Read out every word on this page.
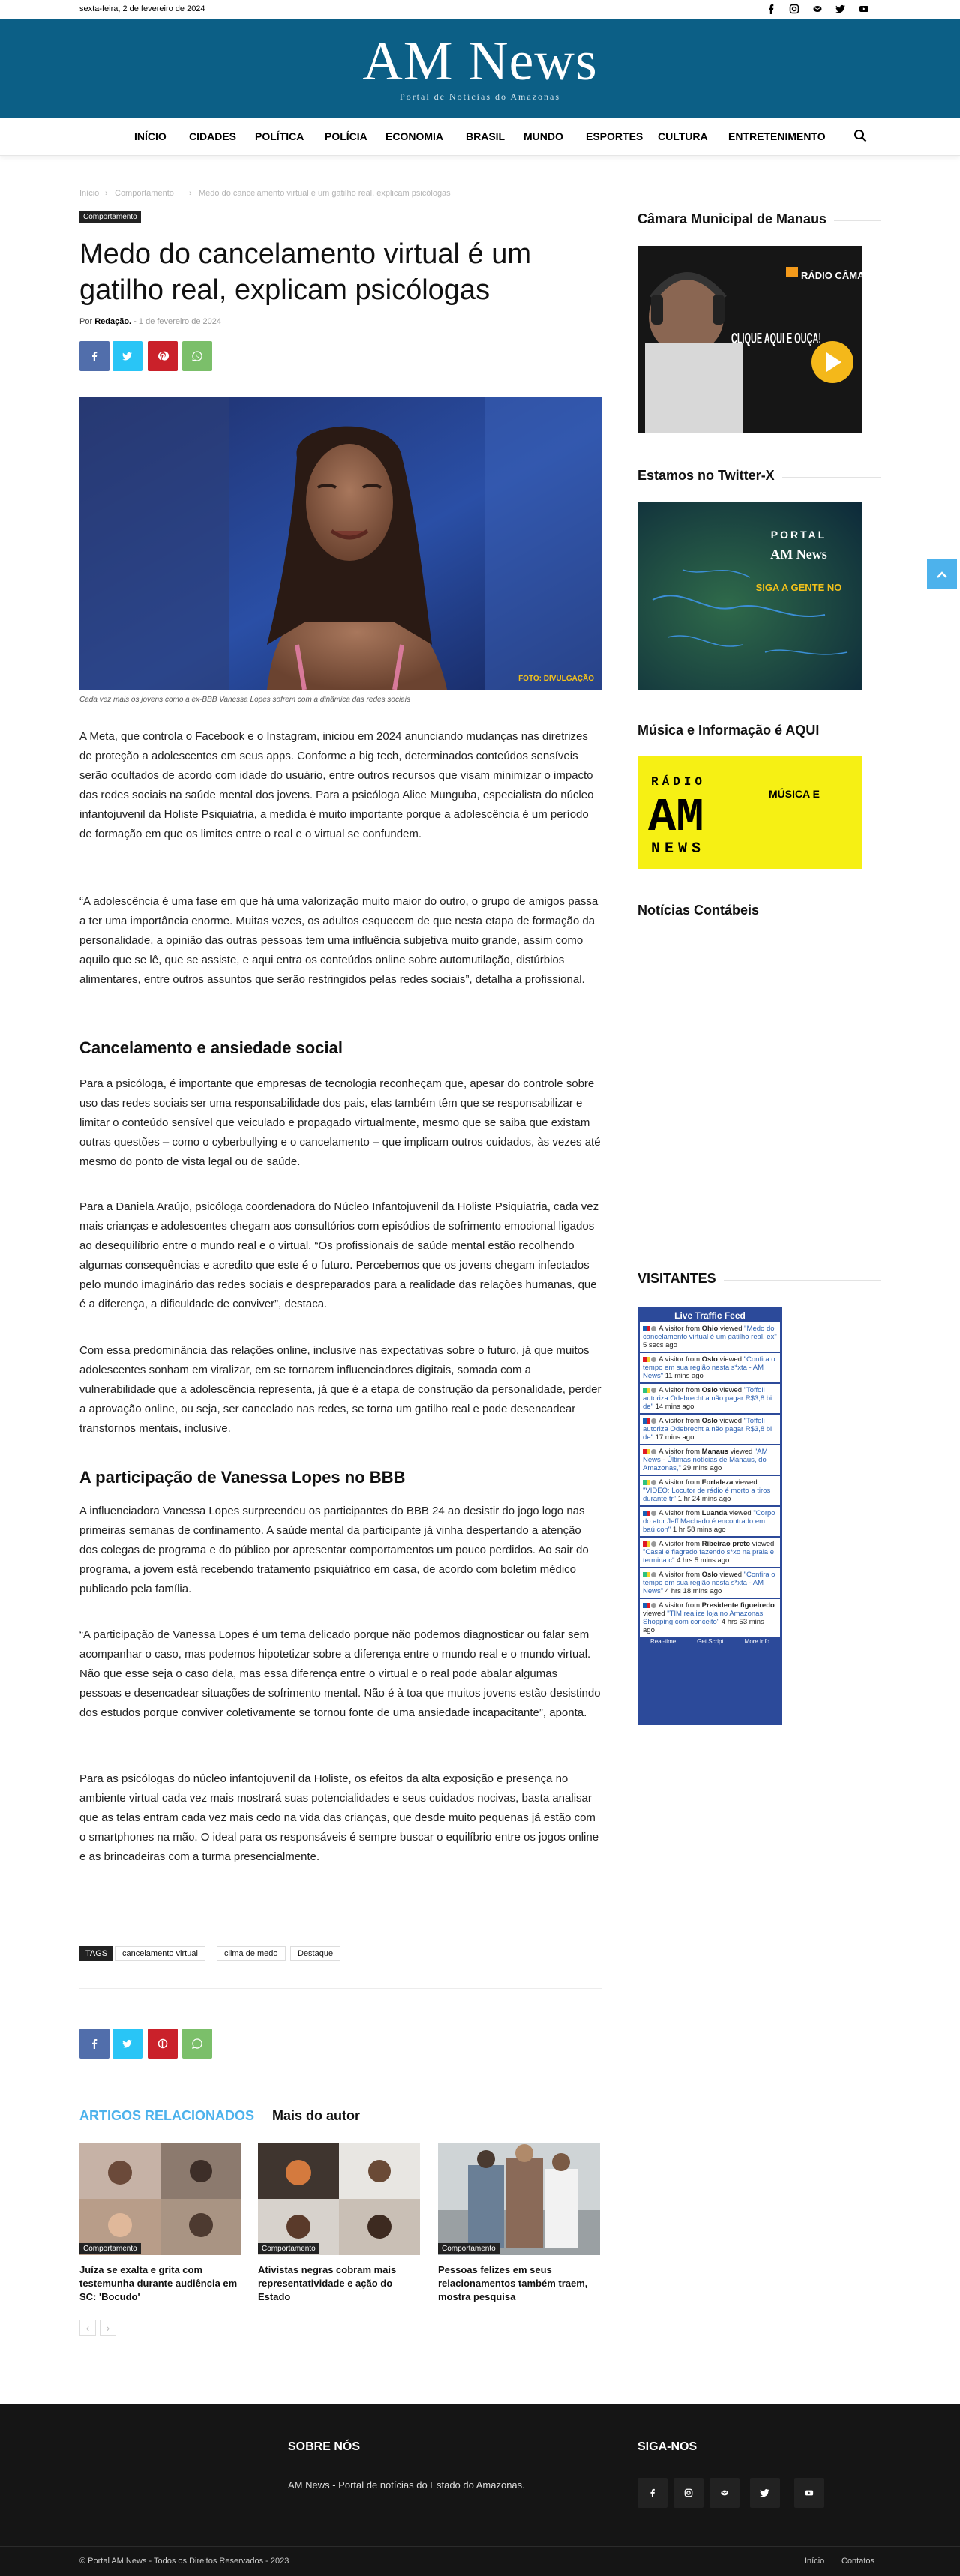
sexta-feira, 2 de fevereiro de 2024
AM News
Portal de Notícias do Amazonas
INÍCIO CIDADES POLÍTICA POLÍCIA ECONOMIA BRASIL MUNDO ESPORTES CULTURA ENTRETENIMENTO
Início › Comportamento › Medo do cancelamento virtual é um gatilho real, explicam psicólogas
Comportamento
Medo do cancelamento virtual é um gatilho real, explicam psicólogas
Por Redação. - 1 de fevereiro de 2024
FOTO: DIVULGAÇÃO
Cada vez mais os jovens como a ex-BBB Vanessa Lopes sofrem com a dinâmica das redes sociais

A Meta, que controla o Facebook e o Instagram, iniciou em 2024 anunciando mudanças nas diretrizes de proteção a adolescentes em seus apps. Conforme a big tech, determinados conteúdos sensíveis serão ocultados de acordo com idade do usuário, entre outros recursos que visam minimizar o impacto das redes sociais na saúde mental dos jovens. Para a psicóloga Alice Munguba, especialista do núcleo infantojuvenil da Holiste Psiquiatria, a medida é muito importante porque a adolescência é um período de formação em que os limites entre o real e o virtual se confundem.

“A adolescência é uma fase em que há uma valorização muito maior do outro, o grupo de amigos passa a ter uma importância enorme. Muitas vezes, os adultos esquecem de que nesta etapa de formação da personalidade, a opinião das outras pessoas tem uma influência subjetiva muito grande, assim como aquilo que se lê, que se assiste, e aqui entra os conteúdos online sobre automutilação, distúrbios alimentares, entre outros assuntos que serão restringidos pelas redes sociais”, detalha a profissional.

Cancelamento e ansiedade social

Para a psicóloga, é importante que empresas de tecnologia reconheçam que, apesar do controle sobre uso das redes sociais ser uma responsabilidade dos pais, elas também têm que se responsabilizar e limitar o conteúdo sensível que veiculado e propagado virtualmente, mesmo que se saiba que existam outras questões – como o cyberbullying e o cancelamento – que implicam outros cuidados, às vezes até mesmo do ponto de vista legal ou de saúde.

Para a Daniela Araújo, psicóloga coordenadora do Núcleo Infantojuvenil da Holiste Psiquiatria, cada vez mais crianças e adolescentes chegam aos consultórios com episódios de sofrimento emocional ligados ao desequilíbrio entre o mundo real e o virtual. “Os profissionais de saúde mental estão recolhendo algumas consequências e acredito que este é o futuro. Percebemos que os jovens chegam infectados pelo mundo imaginário das redes sociais e despreparados para a realidade das relações humanas, que é a diferença, a dificuldade de conviver”, destaca.

Com essa predominância das relações online, inclusive nas expectativas sobre o futuro, já que muitos adolescentes sonham em viralizar, em se tornarem influenciadores digitais, somada com a vulnerabilidade que a adolescência representa, já que é a etapa de construção da personalidade, perder a aprovação online, ou seja, ser cancelado nas redes, se torna um gatilho real e pode desencadear transtornos mentais, inclusive.

A participação de Vanessa Lopes no BBB

A influenciadora Vanessa Lopes surpreendeu os participantes do BBB 24 ao desistir do jogo logo nas primeiras semanas de confinamento. A saúde mental da participante já vinha despertando a atenção dos colegas de programa e do público por apresentar comportamentos um pouco perdidos. Ao sair do programa, a jovem está recebendo tratamento psiquiátrico em casa, de acordo com boletim médico publicado pela família.

“A participação de Vanessa Lopes é um tema delicado porque não podemos diagnosticar ou falar sem acompanhar o caso, mas podemos hipotetizar sobre a diferença entre o mundo real e o mundo virtual. Não que esse seja o caso dela, mas essa diferença entre o virtual e o real pode abalar algumas pessoas e desencadear situações de sofrimento mental. Não é à toa que muitos jovens estão desistindo dos estudos porque conviver coletivamente se tornou fonte de uma ansiedade incapacitante”, aponta.

Para as psicólogas do núcleo infantojuvenil da Holiste, os efeitos da alta exposição e presença no ambiente virtual cada vez mais mostrará suas potencialidades e seus cuidados nocivas, basta analisar que as telas entram cada vez mais cedo na vida das crianças, que desde muito pequenas já estão com o smartphones na mão. O ideal para os responsáveis é sempre buscar o equilíbrio entre os jogos online e as brincadeiras com a turma presencialmente.

TAGS	cancelamento virtual	clima de medo	Destaque
ARTIGOS RELACIONADOS Mais do autor
Comportamento
Juíza se exalta e grita com testemunha durante audiência em SC: 'Bocudo'
Comportamento
Ativistas negras cobram mais representatividade e ação do Estado
Comportamento
Pessoas felizes em seus relacionamentos também traem, mostra pesquisa
‹	›
Câmara Municipal de Manaus
RÁDIO CÂMARA
CLIQUE AQUI E OUÇA!
Estamos no Twitter-X
PORTAL
AM News
SIGA A GENTE NO
Música e Informação é AQUI
RÁDIO
AM
NEWS
MÚSICA E
Notícias Contábeis
VISITANTES
Live Traffic Feed
A visitor from Ohio viewed "Medo do cancelamento virtual é um gatilho real, ex" 5 secs ago
A visitor from Oslo viewed "Confira o tempo em sua região nesta s*xta - AM News" 11 mins ago
A visitor from Oslo viewed "Toffoli autoriza Odebrecht a não pagar R$3,8 bi de" 14 mins ago
A visitor from Oslo viewed "Toffoli autoriza Odebrecht a não pagar R$3,8 bi de" 17 mins ago
A visitor from Manaus viewed "AM News - Últimas notícias de Manaus, do Amazonas," 29 mins ago
A visitor from Fortaleza viewed "VÍDEO: Locutor de rádio é morto a tiros durante tr" 1 hr 24 mins ago
A visitor from Luanda viewed "Corpo do ator Jeff Machado é encontrado em baú con" 1 hr 58 mins ago
A visitor from Ribeirao preto viewed "Casal é flagrado fazendo s*xo na praia e termina c" 4 hrs 5 mins ago
A visitor from Oslo viewed "Confira o tempo em sua região nesta s*xta - AM News" 4 hrs 18 mins ago
A visitor from Presidente figueiredo viewed "TIM realize loja no Amazonas Shopping com conceito" 4 hrs 53 mins ago
Real-time	Get Script	More info
SOBRE NÓS
AM News - Portal de notícias do Estado do Amazonas.
SIGA-NOS
© Portal AM News - Todos os Direitos Reservados - 2023	Início Contatos
